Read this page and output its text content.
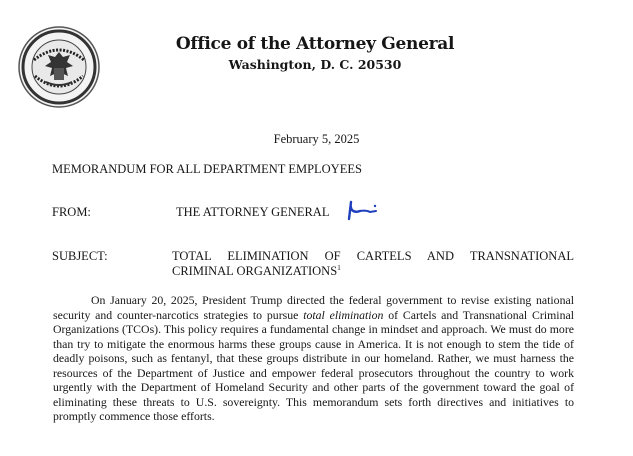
Office of the Attorney General
Washington, D. C. 20530
February 5, 2025
MEMORANDUM FOR ALL DEPARTMENT EMPLOYEES
FROM:	THE ATTORNEY GENERAL
SUBJECT:	TOTAL ELIMINATION OF CARTELS AND TRANSNATIONAL
CRIMINAL ORGANIZATIONS$^1$

On January 20, 2025, President Trump directed the federal government to revise existing national security and counter-narcotics strategies to pursue total elimination of Cartels and Transnational Criminal Organizations (TCOs). This policy requires a fundamental change in mindset and approach. We must do more than try to mitigate the enormous harms these groups cause in America. It is not enough to stem the tide of deadly poisons, such as fentanyl, that these groups distribute in our homeland. Rather, we must harness the resources of the Department of Justice and empower federal prosecutors throughout the country to work urgently with the Department of Homeland Security and other parts of the government toward the goal of eliminating these threats to U.S. sovereignty. This memorandum sets forth directives and initiatives to promptly commence those efforts.
